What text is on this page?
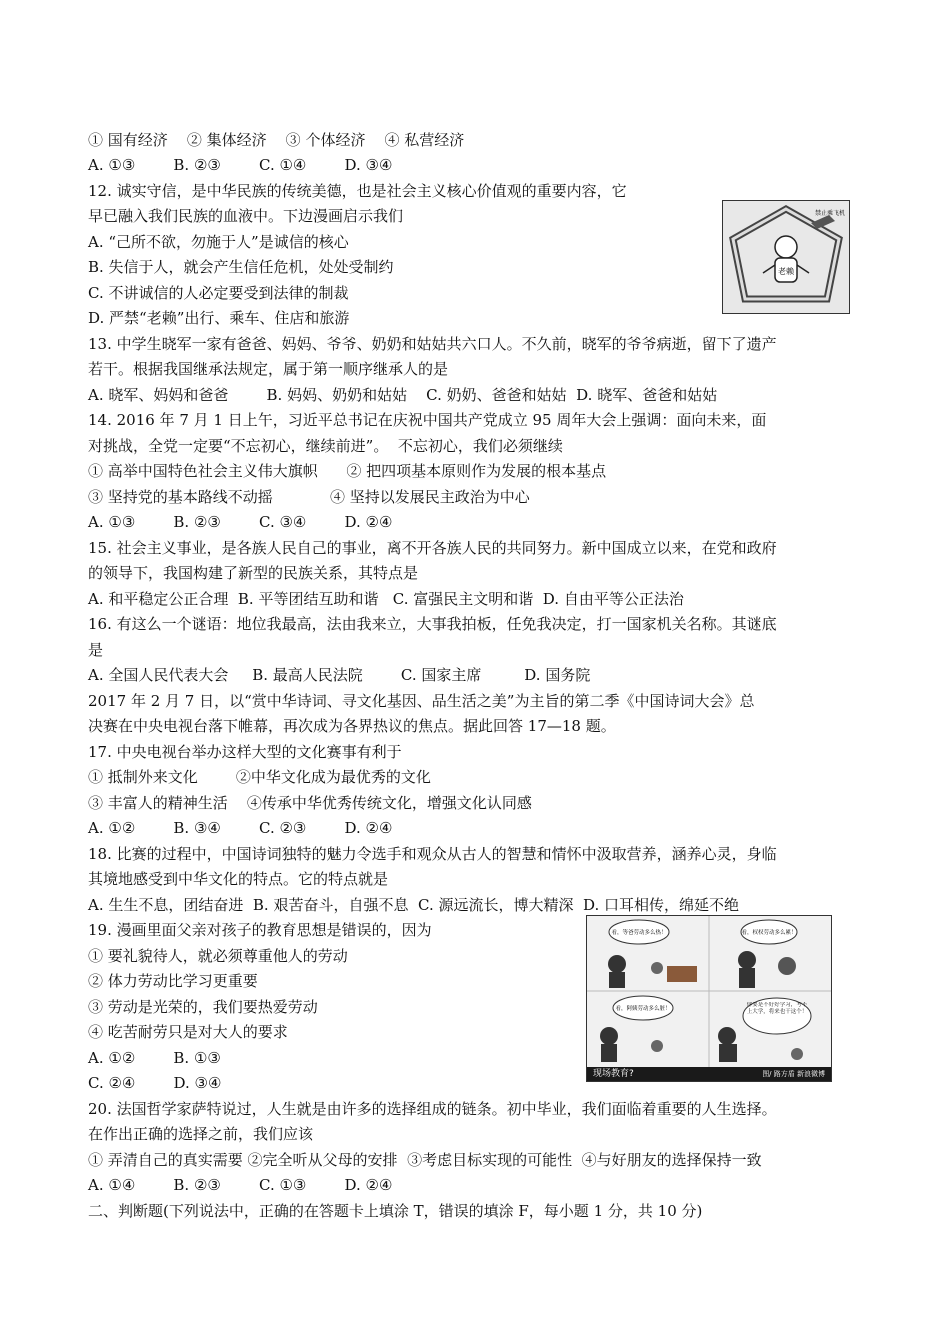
① 国有经济    ② 集体经济    ③ 个体经济    ④ 私营经济
A. ①③        B. ②③        C. ①④        D. ③④
12. 诚实守信，是中华民族的传统美德，也是社会主义核心价值观的重要内容，它
早已融入我们民族的血液中。下边漫画启示我们
A. “己所不欲，勿施于人”是诚信的核心
B. 失信于人，就会产生信任危机，处处受制约
C. 不讲诚信的人必定要受到法律的制裁
D. 严禁“老赖”出行、乘车、住店和旅游
13. 中学生晓军一家有爸爸、妈妈、爷爷、奶奶和姑姑共六口人。不久前，晓军的爷爷病逝，留下了遗产
若干。根据我国继承法规定，属于第一顺序继承人的是
A. 晓军、妈妈和爸爸        B. 妈妈、奶奶和姑姑    C. 奶奶、爸爸和姑姑  D. 晓军、爸爸和姑姑
14. 2016 年 7 月 1 日上午，习近平总书记在庆祝中国共产党成立 95 周年大会上强调：面向未来，面
对挑战，全党一定要“不忘初心，继续前进”。  不忘初心，我们必须继续
① 高举中国特色社会主义伟大旗帜      ② 把四项基本原则作为发展的根本基点
③ 坚持党的基本路线不动摇            ④ 坚持以发展民主政治为中心
A. ①③        B. ②③        C. ③④        D. ②④
15. 社会主义事业，是各族人民自己的事业，离不开各族人民的共同努力。新中国成立以来，在党和政府
的领导下，我国构建了新型的民族关系，其特点是
A. 和平稳定公正合理  B. 平等团结互助和谐   C. 富强民主文明和谐  D. 自由平等公正法治
16. 有这么一个谜语：地位我最高，法由我来立，大事我拍板，任免我决定，打一国家机关名称。其谜底
是
A. 全国人民代表大会     B. 最高人民法院        C. 国家主席         D. 国务院
2017 年 2 月 7 日，以“赏中华诗词、寻文化基因、品生活之美”为主旨的第二季《中国诗词大会》总
决赛在中央电视台落下帷幕，再次成为各界热议的焦点。据此回答 17—18 题。
17. 中央电视台举办这样大型的文化赛事有利于
① 抵制外来文化        ②中华文化成为最优秀的文化
③ 丰富人的精神生活    ④传承中华优秀传统文化，增强文化认同感
A. ①②        B. ③④        C. ②③        D. ②④
18. 比赛的过程中，中国诗词独特的魅力令选手和观众从古人的智慧和情怀中汲取营养，涵养心灵，身临
其境地感受到中华文化的特点。它的特点就是
A. 生生不息，团结奋进  B. 艰苦奋斗，自强不息  C. 源远流长，博大精深  D. 口耳相传，绵延不绝
19. 漫画里面父亲对孩子的教育思想是错误的，因为
① 要礼貌待人，就必须尊重他人的劳动
② 体力劳动比学习更重要
③ 劳动是光荣的，我们要热爱劳动
④ 吃苦耐劳只是对大人的要求
A. ①②        B. ①③
C. ②④        D. ③④
20. 法国哲学家萨特说过，人生就是由许多的选择组成的链条。初中毕业，我们面临着重要的人生选择。
在作出正确的选择之前，我们应该
① 弄清自己的真实需要 ②完全听从父母的安排  ③考虑目标实现的可能性  ④与好朋友的选择保持一致
A. ①④        B. ②③        C. ①③        D. ②④
二、判断题(下列说法中，正确的在答题卡上填涂 T，错误的填涂 F，每小题 1 分，共 10 分)
老赖
禁止乘飞机
看，等爸劳动多么热！	看，权权劳动多么累！
看，阿姨劳动多么脏！
你要是不好好学习，考不上大学，将来也干这个！
现场教育?	图/ 路方盾 新浪微博
